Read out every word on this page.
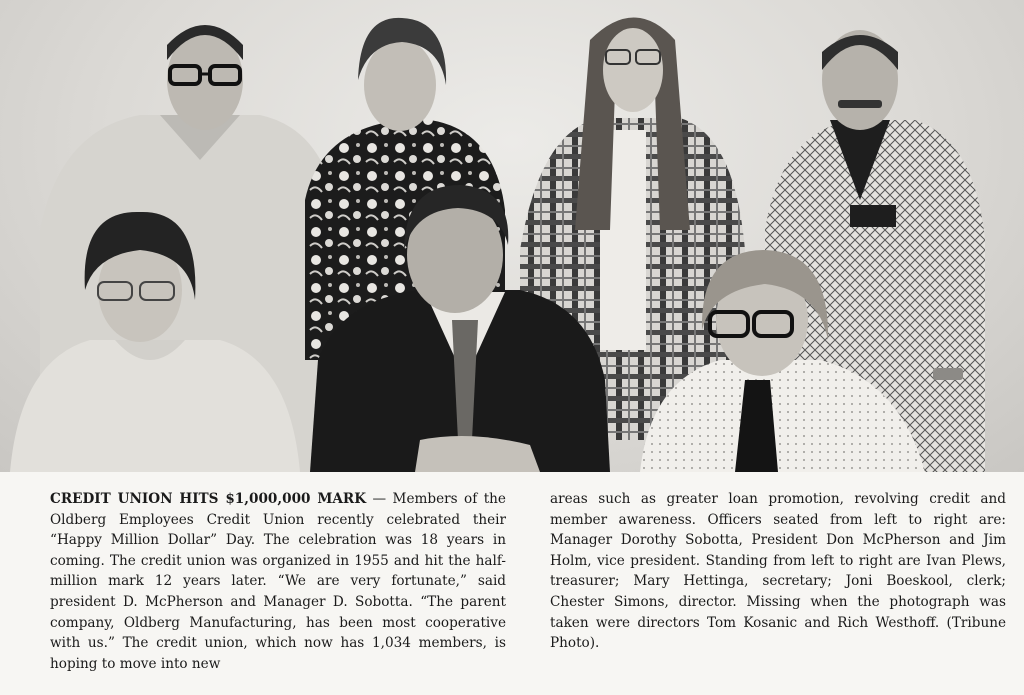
CREDIT UNION HITS $1,000,000 MARK — Members of the Oldberg Employees Credit Union recently celebrated their “Happy Million Dollar” Day. The celebration was 18 years in coming. The credit union was organized in 1955 and hit the half-million mark 12 years later. “We are very fortunate,” said president D. McPherson and Manager D. Sobotta. “The parent company, Oldberg Manufacturing, has been most cooperative with us.” The credit union, which now has 1,034 members, is hoping to move into new
areas such as greater loan promotion, revolving credit and member awareness. Officers seated from left to right are: Manager Dorothy Sobotta, President Don McPherson and Jim Holm, vice president. Standing from left to right are Ivan Plews, treasurer; Mary Hettinga, secretary; Joni Boeskool, clerk; Chester Simons, director. Missing when the photograph was taken were directors Tom Kosanic and Rich Westhoff. (Tribune Photo).
